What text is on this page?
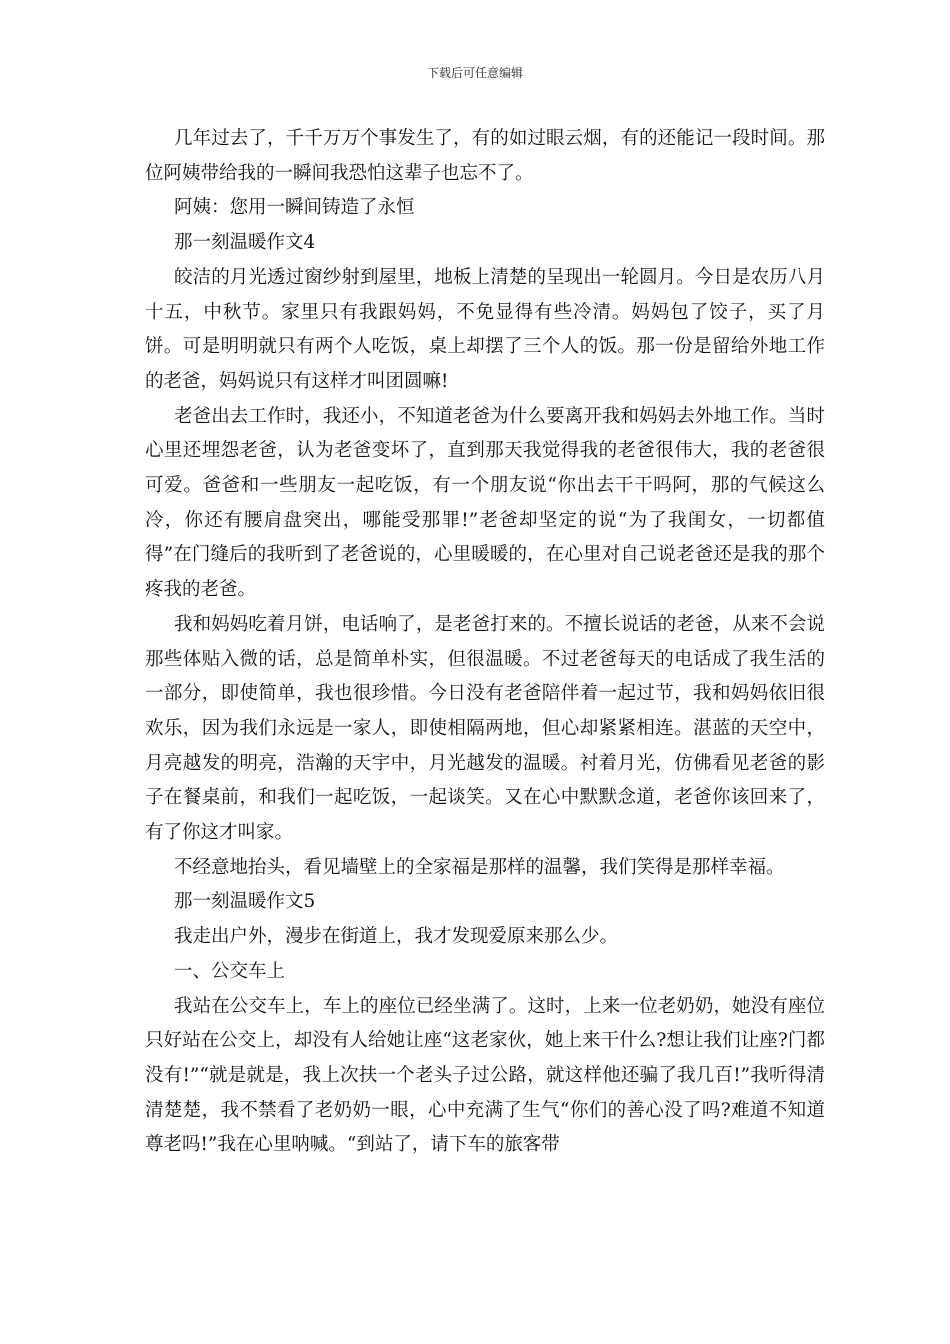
下载后可任意编辑

几年过去了，千千万万个事发生了，有的如过眼云烟，有的还能记一段时间。那位阿姨带给我的一瞬间我恐怕这辈子也忘不了。

阿姨：您用一瞬间铸造了永恒

那一刻温暖作文4

皎洁的月光透过窗纱射到屋里，地板上清楚的呈现出一轮圆月。今日是农历八月十五，中秋节。家里只有我跟妈妈，不免显得有些冷清。妈妈包了饺子，买了月饼。可是明明就只有两个人吃饭，桌上却摆了三个人的饭。那一份是留给外地工作的老爸，妈妈说只有这样才叫团圆嘛!

老爸出去工作时，我还小，不知道老爸为什么要离开我和妈妈去外地工作。当时心里还埋怨老爸，认为老爸变坏了，直到那天我觉得我的老爸很伟大，我的老爸很可爱。爸爸和一些朋友一起吃饭，有一个朋友说“你出去干干吗阿，那的气候这么冷，你还有腰肩盘突出，哪能受那罪!”老爸却坚定的说“为了我闺女，一切都值得”在门缝后的我听到了老爸说的，心里暖暖的，在心里对自己说老爸还是我的那个疼我的老爸。

我和妈妈吃着月饼，电话响了，是老爸打来的。不擅长说话的老爸，从来不会说那些体贴入微的话，总是简单朴实，但很温暖。不过老爸每天的电话成了我生活的一部分，即使简单，我也很珍惜。今日没有老爸陪伴着一起过节，我和妈妈依旧很欢乐，因为我们永远是一家人，即使相隔两地，但心却紧紧相连。湛蓝的天空中，月亮越发的明亮，浩瀚的天宇中，月光越发的温暖。衬着月光，仿佛看见老爸的影子在餐桌前，和我们一起吃饭，一起谈笑。又在心中默默念道，老爸你该回来了，有了你这才叫家。

不经意地抬头，看见墙壁上的全家福是那样的温馨，我们笑得是那样幸福。

那一刻温暖作文5

我走出户外，漫步在街道上，我才发现爱原来那么少。

一、公交车上

我站在公交车上，车上的座位已经坐满了。这时，上来一位老奶奶，她没有座位只好站在公交上，却没有人给她让座“这老家伙，她上来干什么?想让我们让座?门都没有!”“就是就是，我上次扶一个老头子过公路，就这样他还骗了我几百!”我听得清清楚楚，我不禁看了老奶奶一眼，心中充满了生气“你们的善心没了吗?难道不知道尊老吗!”我在心里呐喊。“到站了，请下车的旅客带
